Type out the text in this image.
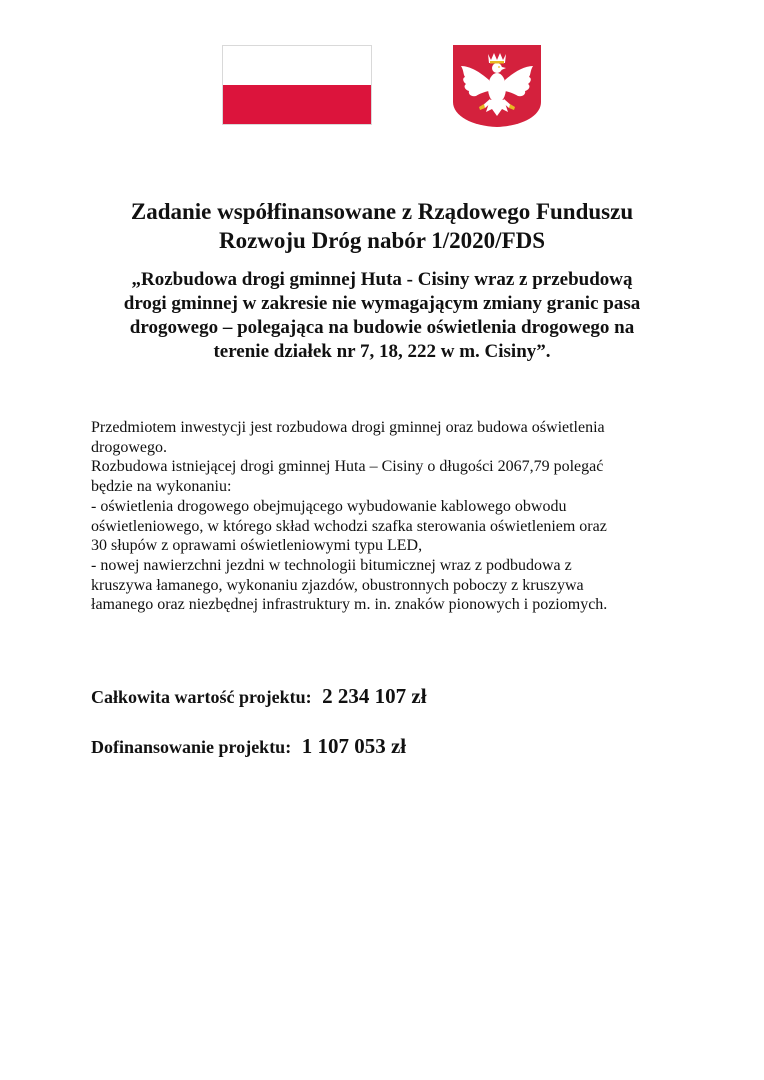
Zadanie współfinansowane z Rządowego Funduszu
Rozwoju Dróg nabór 1/2020/FDS
„Rozbudowa drogi gminnej Huta - Cisiny wraz z przebudową
drogi gminnej w zakresie nie wymagającym zmiany granic pasa
drogowego – polegająca na budowie oświetlenia drogowego na
terenie działek nr 7, 18, 222 w m. Cisiny”.

Przedmiotem inwestycji jest rozbudowa drogi gminnej oraz budowa oświetlenia
drogowego.
Rozbudowa istniejącej drogi gminnej Huta – Cisiny o długości 2067,79 polegać
będzie na wykonaniu:
- oświetlenia drogowego obejmującego wybudowanie kablowego obwodu
oświetleniowego, w którego skład wchodzi szafka sterowania oświetleniem oraz
30 słupów z oprawami oświetleniowymi typu LED,
- nowej nawierzchni jezdni w technologii bitumicznej wraz z podbudowa z
kruszywa łamanego, wykonaniu zjazdów, obustronnych poboczy z kruszywa
łamanego oraz niezbędnej infrastruktury m. in. znaków pionowych i poziomych.

Całkowita wartość projektu: 2 234 107 zł

Dofinansowanie projektu: 1 107 053 zł
